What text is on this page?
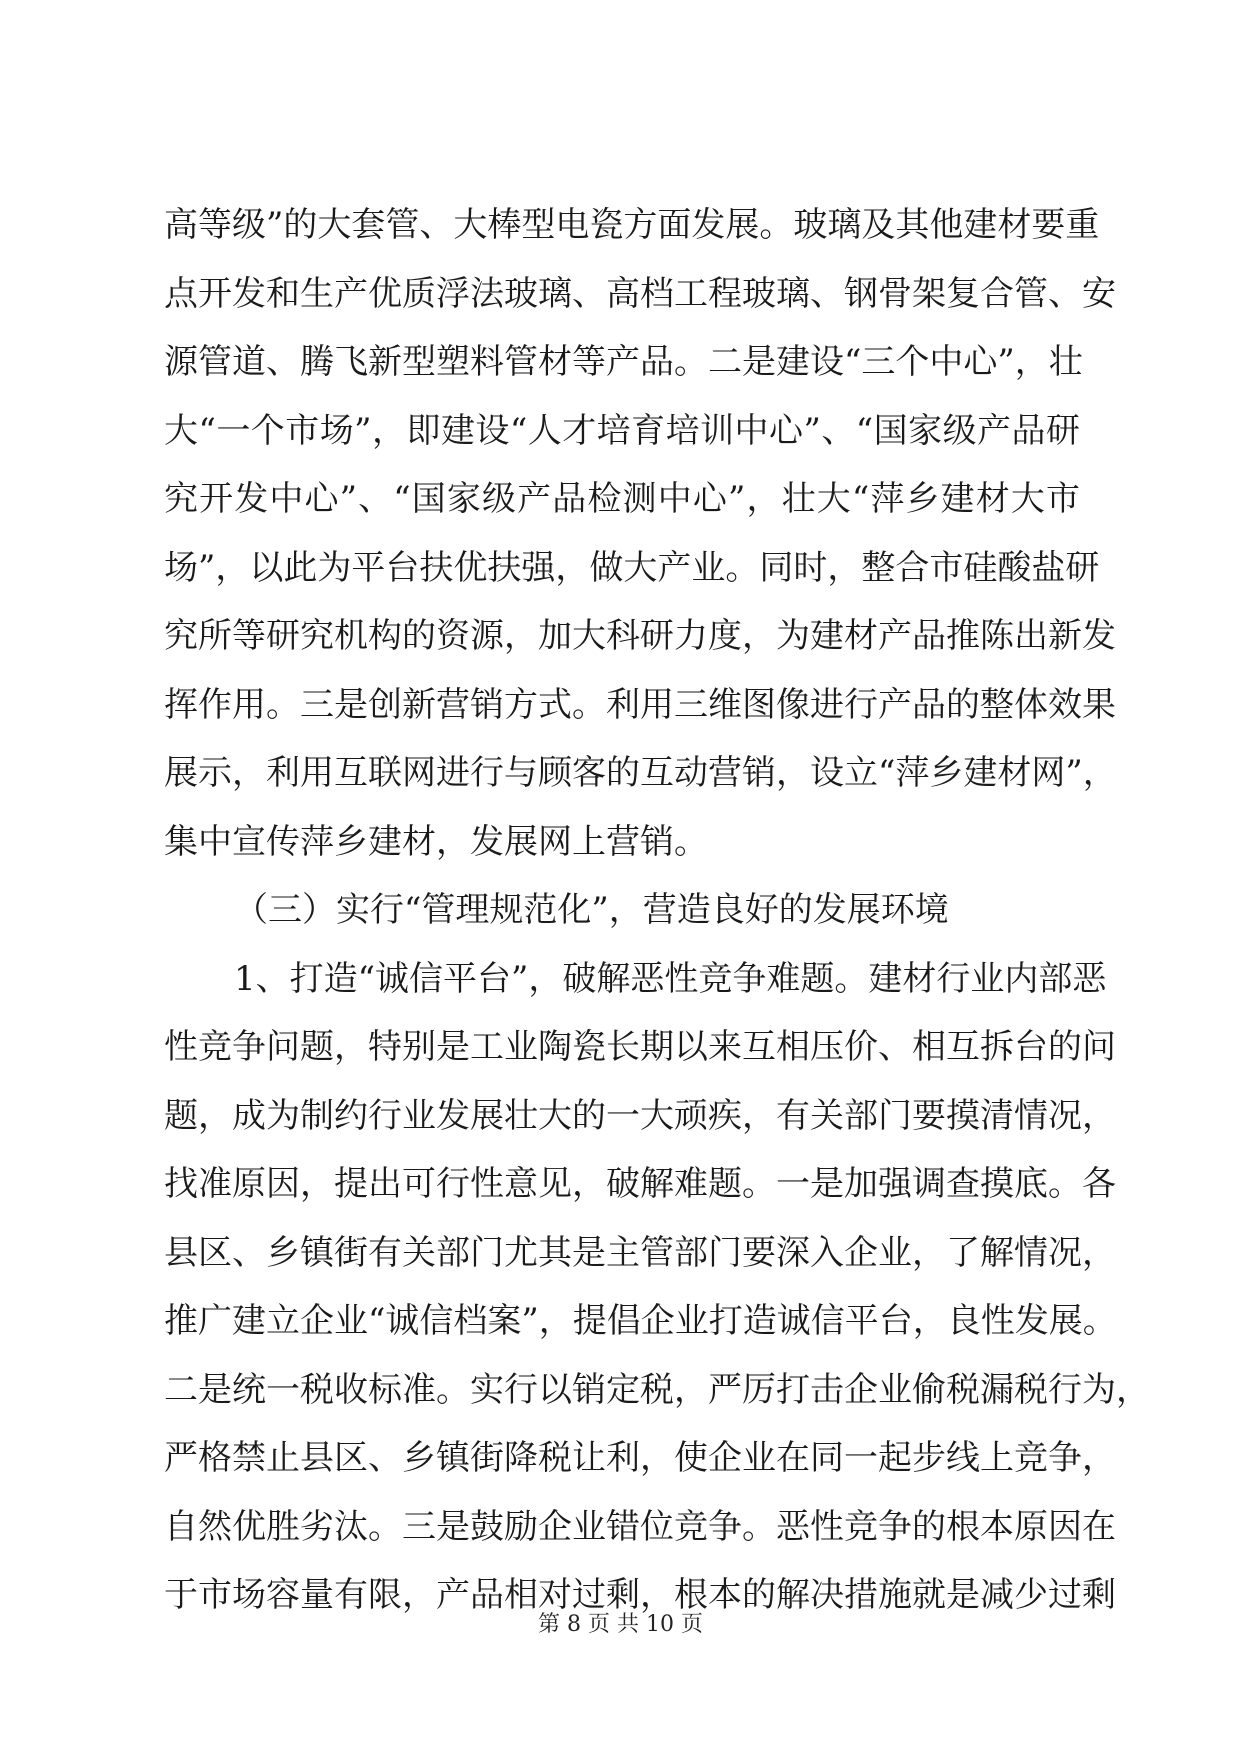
高等级”的大套管、大棒型电瓷方面发展。玻璃及其他建材要重
点开发和生产优质浮法玻璃、高档工程玻璃、钢骨架复合管、安
源管道、腾飞新型塑料管材等产品。二是建设“三个中心”，壮
大“一个市场”，即建设“人才培育培训中心”、“国家级产品研
究开发中心”、“国家级产品检测中心”，壮大“萍乡建材大市
场”，以此为平台扶优扶强，做大产业。同时，整合市硅酸盐研
究所等研究机构的资源，加大科研力度，为建材产品推陈出新发
挥作用。三是创新营销方式。利用三维图像进行产品的整体效果
展示，利用互联网进行与顾客的互动营销，设立“萍乡建材网”，
集中宣传萍乡建材，发展网上营销。
（三）实行“管理规范化”，营造良好的发展环境
1、打造“诚信平台”，破解恶性竞争难题。建材行业内部恶
性竞争问题，特别是工业陶瓷长期以来互相压价、相互拆台的问
题，成为制约行业发展壮大的一大顽疾，有关部门要摸清情况，
找准原因，提出可行性意见，破解难题。一是加强调查摸底。各
县区、乡镇街有关部门尤其是主管部门要深入企业，了解情况，
推广建立企业“诚信档案”，提倡企业打造诚信平台，良性发展。
二是统一税收标准。实行以销定税，严厉打击企业偷税漏税行为，
严格禁止县区、乡镇街降税让利，使企业在同一起步线上竞争，
自然优胜劣汰。三是鼓励企业错位竞争。恶性竞争的根本原因在
于市场容量有限，产品相对过剩，根本的解决措施就是减少过剩
第 8 页 共 10 页
